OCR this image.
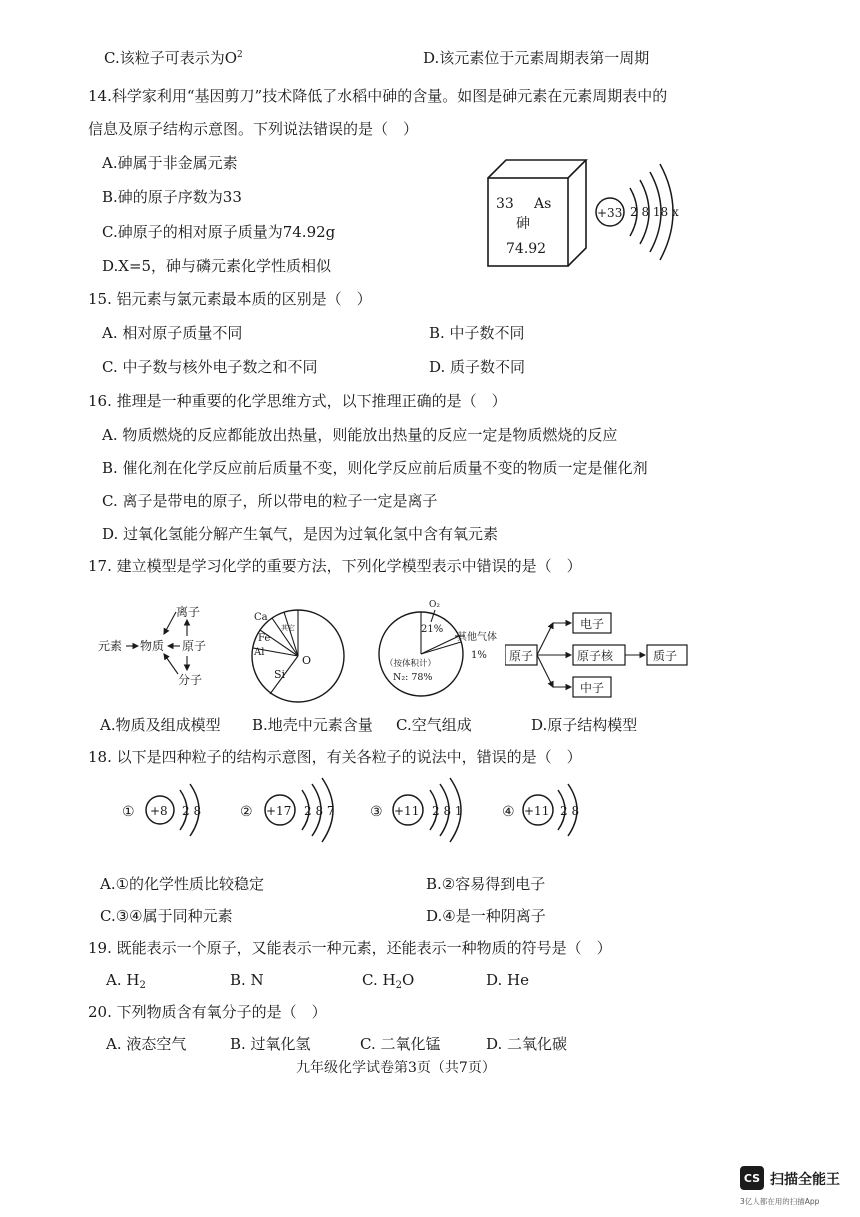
C.该粒子可表示为$O^2$	D.该元素位于元素周期表第一周期
14.科学家利用“基因剪刀”技术降低了水稻中砷的含量。如图是砷元素在元素周期表中的
信息及原子结构示意图。下列说法错误的是（　）
A.砷属于非金属元素
B.砷的原子序数为33
C.砷原子的相对原子质量为74.92g
D.X=5，砷与磷元素化学性质相似
33 As
砷
74.92
+33 2 8 18 x
15. 铝元素与氯元素最本质的区别是（　）
A. 相对原子质量不同	B. 中子数不同
C. 中子数与核外电子数之和不同	D. 质子数不同
16. 推理是一种重要的化学思维方式，以下推理正确的是（　）
A. 物质燃烧的反应都能放出热量，则能放出热量的反应一定是物质燃烧的反应
B. 催化剂在化学反应前后质量不变，则化学反应前后质量不变的物质一定是催化剂
C. 离子是带电的原子，所以带电的粒子一定是离子
D. 过氧化氢能分解产生氧气，是因为过氧化氢中含有氧元素
17. 建立模型是学习化学的重要方法，下列化学模型表示中错误的是（　）
离子
元素 物质 原子
分子
Ca
Fe
Al
Si
O
其它
O₂
21%
其他气体
1%
（按体积计）
N₂: 78%
原子
电子
原子核
中子
质子
A.物质及组成模型 B.地壳中元素含量 C.空气组成	D.原子结构模型
18. 以下是四种粒子的结构示意图，有关各粒子的说法中，错误的是（　）
① +8 2 8	② +17 2 8 7	③ +11 2 8 1	④ +11 2 8
A.①的化学性质比较稳定	B.②容易得到电子
C.③④属于同种元素	D.④是一种阴离子
19. 既能表示一个原子，又能表示一种元素，还能表示一种物质的符号是（　）
A. $H_2$	B. N	C. $H_2O$	D. He
20. 下列物质含有氧分子的是（　）
A. 液态空气	B. 过氧化氢	C. 二氧化锰	D. 二氧化碳
九年级化学试卷第3页（共7页）
CS 扫描全能王
3亿人都在用的扫描App
